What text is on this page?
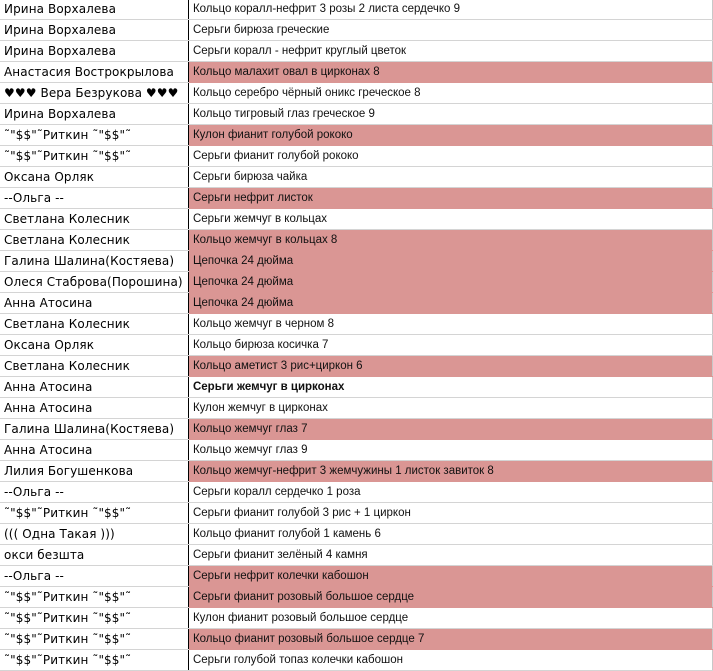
Ирина Ворхалева	Кольцо коралл-нефрит 3 розы 2 листа сердечко 9
Ирина Ворхалева	Серьги бирюза греческие
Ирина Ворхалева	Серьги коралл - нефрит круглый цветок
Анастасия Вострокрылова	Кольцо малахит овал в цирконах 8
♥♥♥ Вера Безрукова ♥♥♥	Кольцо серебро чёрный оникс греческое 8
Ирина Ворхалева	Кольцо тигровый глаз греческое 9
˜"$$"˜Риткин ˜"$$"˜	Кулон фианит голубой рококо
˜"$$"˜Риткин ˜"$$"˜	Серьги фианит голубой рококо
Оксана Орляк	Серьги бирюза чайка
--Ольга --	Серьги нефрит листок
Светлана Колесник	Серьги жемчуг в кольцах
Светлана Колесник	Кольцо жемчуг в кольцах 8
Галина Шалина(Костяева)	Цепочка 24 дюйма
Олеся Стаброва(Порошина)	Цепочка 24 дюйма
Анна Атосина	Цепочка 24 дюйма
Светлана Колесник	Кольцо жемчуг в черном 8
Оксана Орляк	Кольцо бирюза косичка 7
Светлана Колесник	Кольцо аметист 3 рис+циркон 6
Анна Атосина	Серьги жемчуг в цирконах
Анна Атосина	Кулон жемчуг в цирконах
Галина Шалина(Костяева)	Кольцо жемчуг глаз 7
Анна Атосина	Кольцо жемчуг глаз 9
Лилия Богушенкова	Кольцо жемчуг-нефрит 3 жемчужины 1 листок завиток 8
--Ольга --	Серьги коралл сердечко 1 роза
˜"$$"˜Риткин ˜"$$"˜	Серьги фианит голубой 3 рис + 1 циркон
((( Одна Такая )))	Кольцо фианит голубой 1 камень 6
окси безшта	Серьги фианит зелёный 4 камня
--Ольга --	Серьги нефрит колечки кабошон
˜"$$"˜Риткин ˜"$$"˜	Серьги фианит розовый большое сердце
˜"$$"˜Риткин ˜"$$"˜	Кулон фианит розовый большое сердце
˜"$$"˜Риткин ˜"$$"˜	Кольцо фианит розовый большое сердце 7
˜"$$"˜Риткин ˜"$$"˜	Серьги голубой топаз колечки кабошон
